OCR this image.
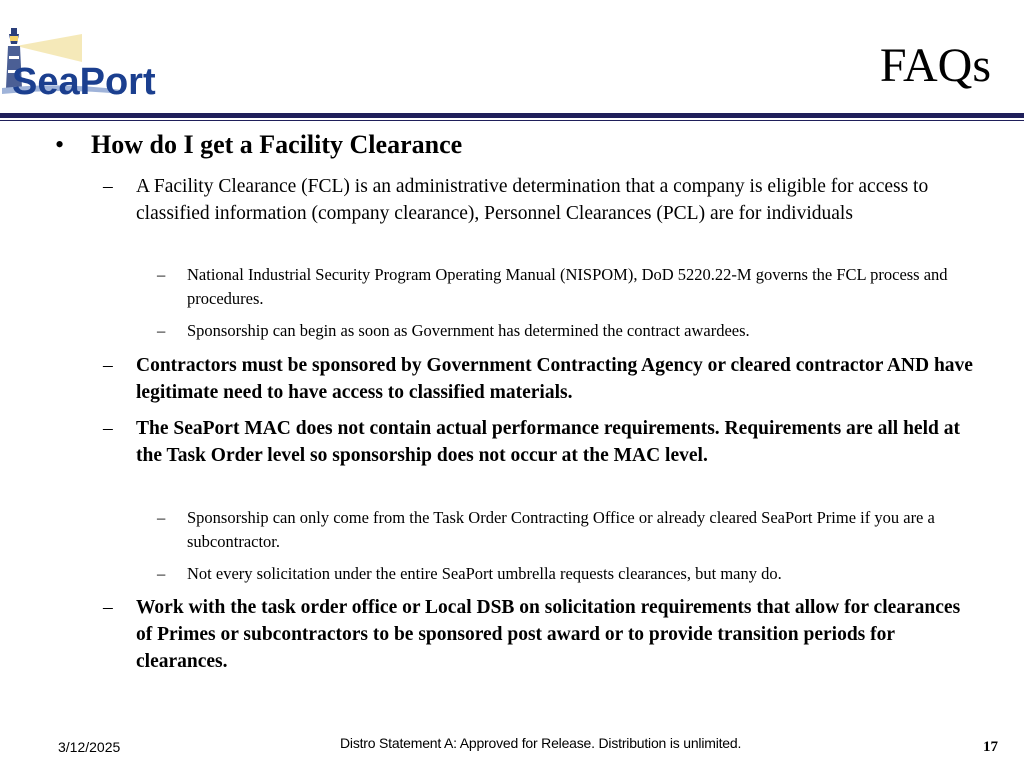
SeaPort	FAQs
• How do I get a Facility Clearance
– A Facility Clearance (FCL) is an administrative determination that a company is eligible for access to classified information (company clearance), Personnel Clearances (PCL) are for individuals
– National Industrial Security Program Operating Manual (NISPOM), DoD 5220.22-M governs the FCL process and procedures.
– Sponsorship can begin as soon as Government has determined the contract awardees.
– Contractors must be sponsored by Government Contracting Agency or cleared contractor AND have legitimate need to have access to classified materials.
– The SeaPort MAC does not contain actual performance requirements. Requirements are all held at the Task Order level so sponsorship does not occur at the MAC level.
– Sponsorship can only come from the Task Order Contracting Office or already cleared SeaPort Prime if you are a subcontractor.
– Not every solicitation under the entire SeaPort umbrella requests clearances, but many do.
– Work with the task order office or Local DSB on solicitation requirements that allow for clearances of Primes or subcontractors to be sponsored post award or to provide transition periods for clearances.
3/12/2025	Distro Statement A: Approved for Release. Distribution is unlimited.	17
